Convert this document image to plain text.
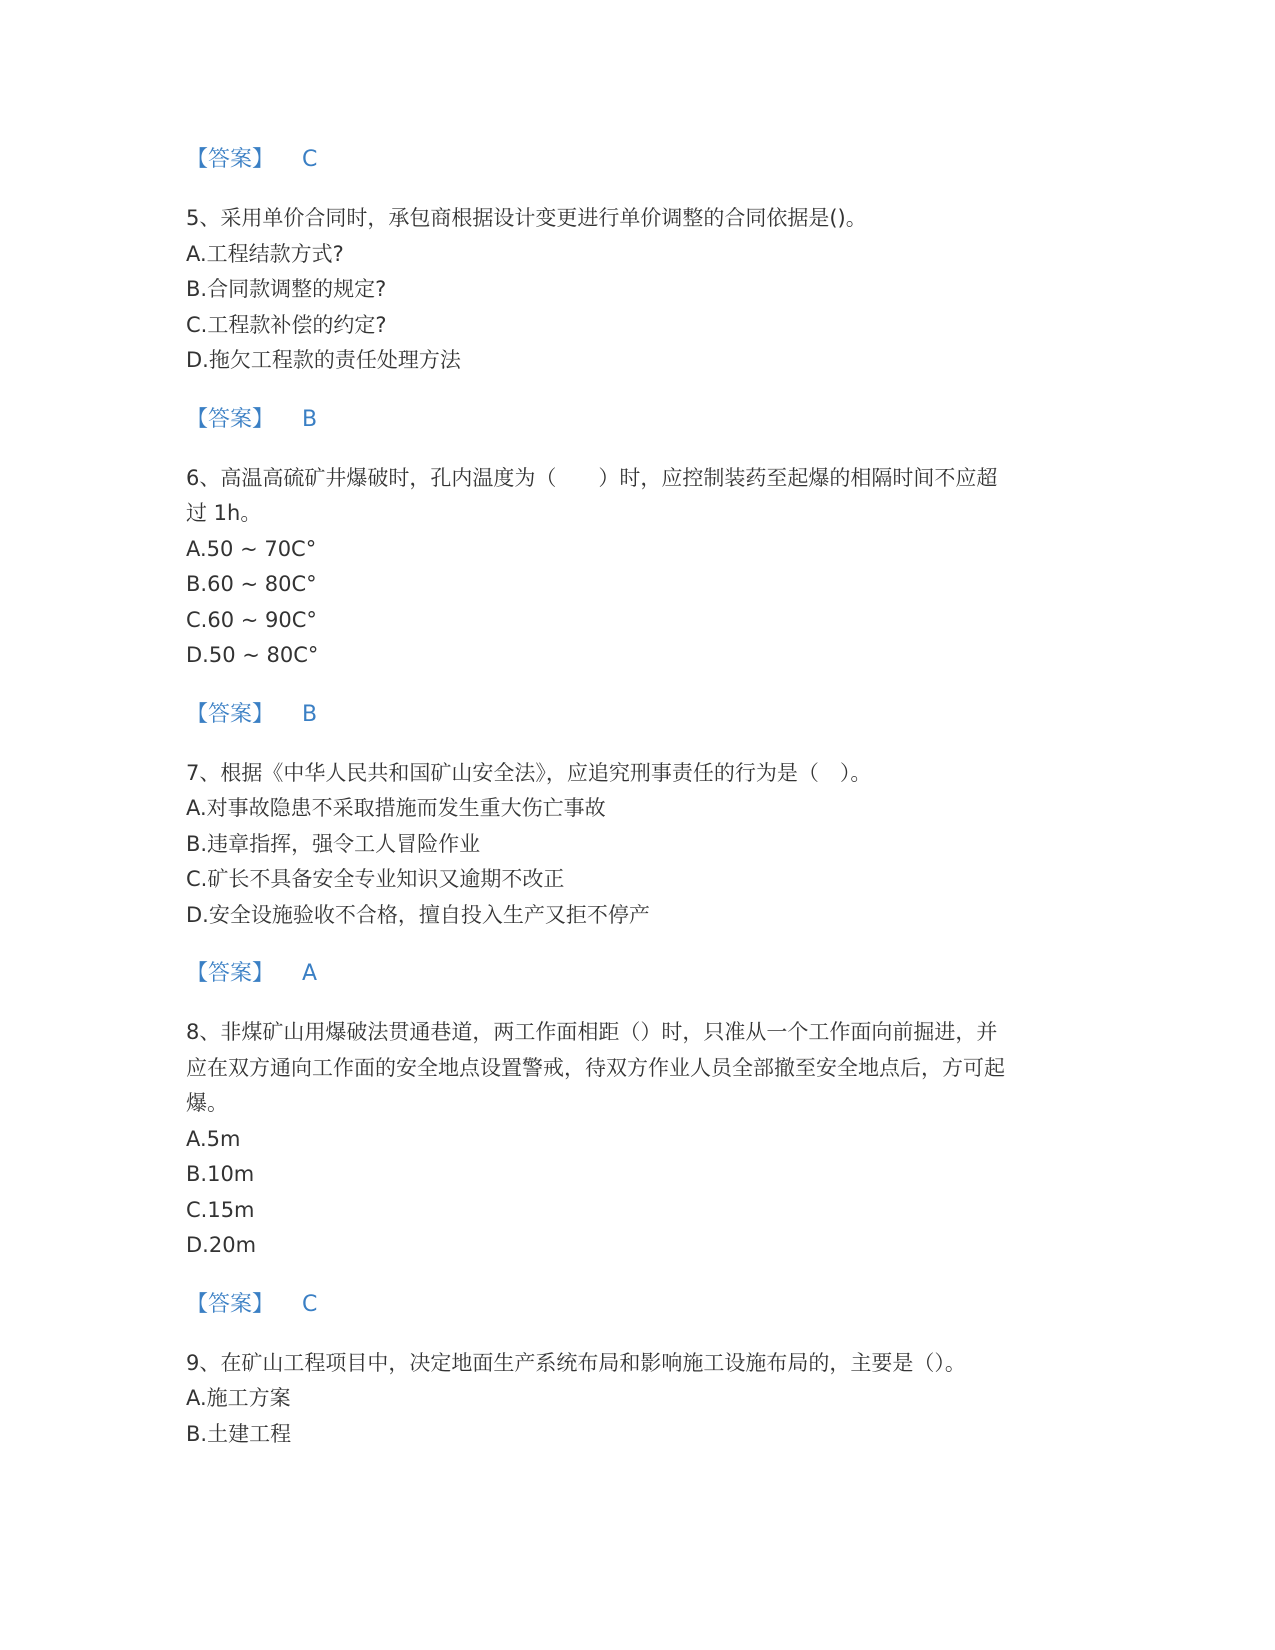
【答案】 C
5、采用单价合同时，承包商根据设计变更进行单价调整的合同依据是()。
A.工程结款方式?
B.合同款调整的规定?
C.工程款补偿的约定?
D.拖欠工程款的责任处理方法
【答案】 B
6、高温高硫矿井爆破时，孔内温度为（　　）时，应控制装药至起爆的相隔时间不应超
过 1h。
A.50 ~ 70C°
B.60 ~ 80C°
C.60 ~ 90C°
D.50 ~ 80C°
【答案】 B
7、根据《中华人民共和国矿山安全法》，应追究刑事责任的行为是（　）。
A.对事故隐患不采取措施而发生重大伤亡事故
B.违章指挥，强令工人冒险作业
C.矿长不具备安全专业知识又逾期不改正
D.安全设施验收不合格，擅自投入生产又拒不停产
【答案】 A
8、非煤矿山用爆破法贯通巷道，两工作面相距（）时，只准从一个工作面向前掘进，并
应在双方通向工作面的安全地点设置警戒，待双方作业人员全部撤至安全地点后，方可起
爆。
A.5m
B.10m
C.15m
D.20m
【答案】 C
9、在矿山工程项目中，决定地面生产系统布局和影响施工设施布局的，主要是（）。
A.施工方案
B.土建工程
